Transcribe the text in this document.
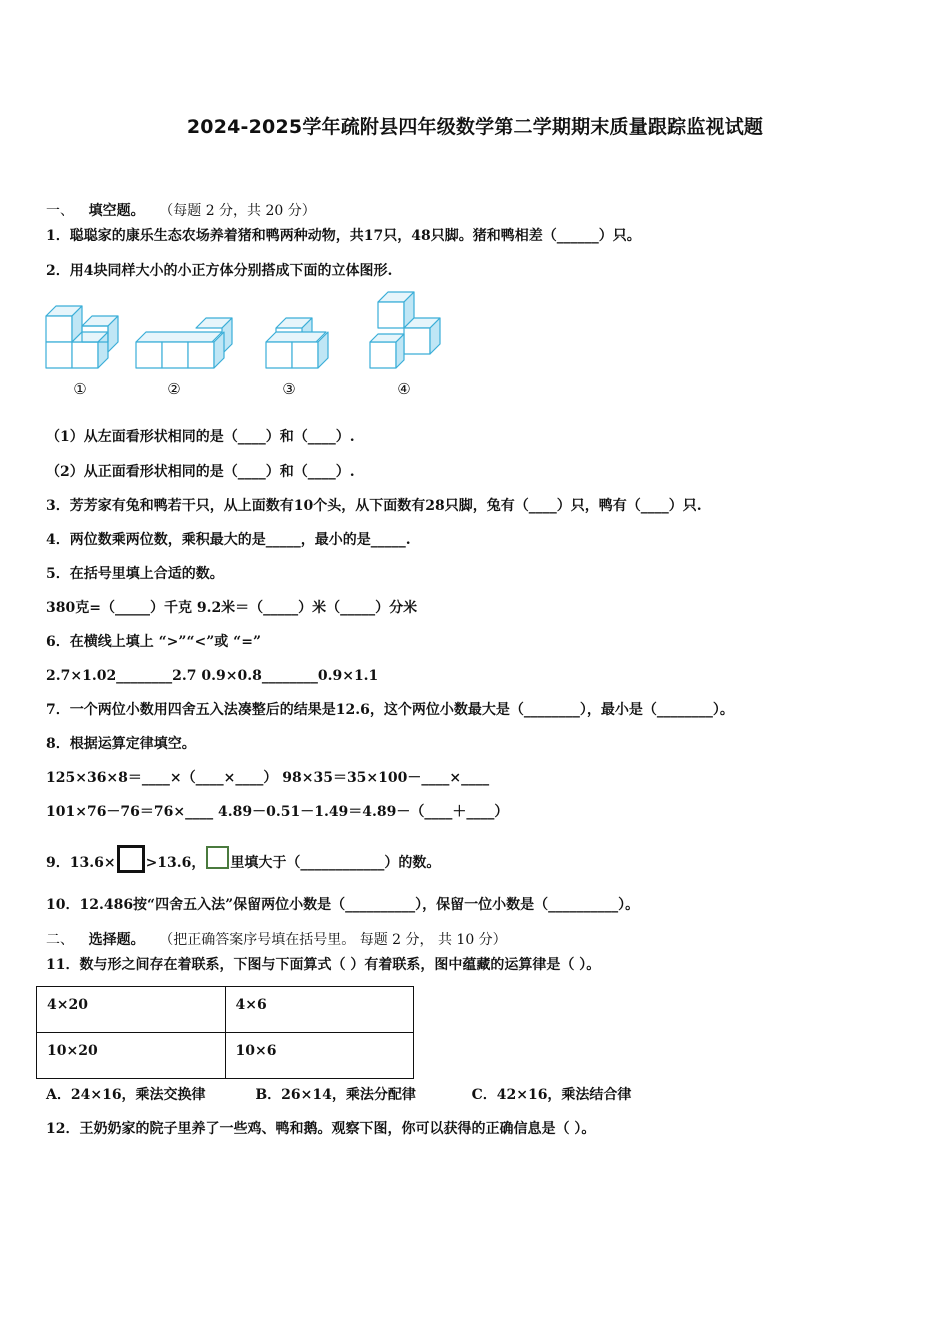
2024-2025学年疏附县四年级数学第二学期期末质量跟踪监视试题
一、 填空题。 （每题 2 分，共 20 分）
1．聪聪家的康乐生态农场养着猪和鸭两种动物，共17只，48只脚。猪和鸭相差（______）只。
2．用4块同样大小的小正方体分别搭成下面的立体图形.
①	②	③	④
（1）从左面看形状相同的是（____）和（____）.
（2）从正面看形状相同的是（____）和（____）.
3．芳芳家有兔和鸭若干只，从上面数有10个头，从下面数有28只脚，兔有（____）只，鸭有（____）只.
4．两位数乘两位数，乘积最大的是_____，最小的是_____.
5．在括号里填上合适的数。
380克=（_____）千克 9.2米＝（_____）米（_____）分米
6．在横线上填上 “>”“<”或 “=”
2.7×1.02________2.7 0.9×0.8________0.9×1.1
7．一个两位小数用四舍五入法凑整后的结果是12.6，这个两位小数最大是（________），最小是（________）。
8．根据运算定律填空。
125×36×8＝____×（____×____） 98×35＝35×100－____×____
101×76－76＝76×____ 4.89－0.51－1.49＝4.89－（____＋____）
9．13.6× >13.6， 里填大于（____________）的数。
10．12.486按“四舍五入法”保留两位小数是（__________），保留一位小数是（__________）。
二、 选择题。 （把正确答案序号填在括号里。 每题 2 分， 共 10 分）
11．数与形之间存在着联系，下图与下面算式（ ）有着联系，图中蕴藏的运算律是（ ）。
4×20	4×6
10×20	10×6
A．24×16，乘法交换律	B．26×14，乘法分配律	C．42×16，乘法结合律
12．王奶奶家的院子里养了一些鸡、鸭和鹅。观察下图，你可以获得的正确信息是（ ）。
